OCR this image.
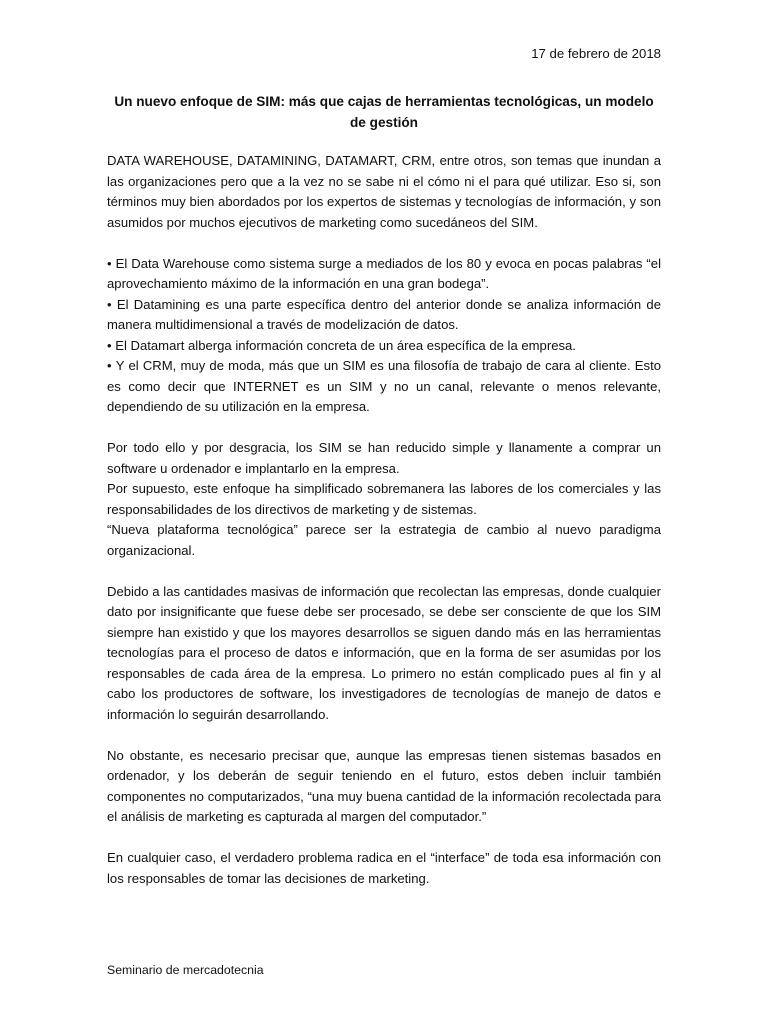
17 de febrero de 2018
Un nuevo enfoque de SIM: más que cajas de herramientas tecnológicas, un modelo de gestión

DATA WAREHOUSE, DATAMINING, DATAMART, CRM, entre otros, son temas que inundan a las organizaciones pero que a la vez no se sabe ni el cómo ni el para qué utilizar. Eso si, son términos muy bien abordados por los expertos de sistemas y tecnologías de información, y son asumidos por muchos ejecutivos de marketing como sucedáneos del SIM.

• El Data Warehouse como sistema surge a mediados de los 80 y evoca en pocas palabras “el aprovechamiento máximo de la información en una gran bodega”.

• El Datamining es una parte específica dentro del anterior donde se analiza información de manera multidimensional a través de modelización de datos.

• El Datamart alberga información concreta de un área específica de la empresa.

• Y el CRM, muy de moda, más que un SIM es una filosofía de trabajo de cara al cliente. Esto es como decir que INTERNET es un SIM y no un canal, relevante o menos relevante, dependiendo de su utilización en la empresa.

Por todo ello y por desgracia, los SIM se han reducido simple y llanamente a comprar un software u ordenador e implantarlo en la empresa.

Por supuesto, este enfoque ha simplificado sobremanera las labores de los comerciales y las responsabilidades de los directivos de marketing y de sistemas.

“Nueva plataforma tecnológica” parece ser la estrategia de cambio al nuevo paradigma organizacional.

Debido a las cantidades masivas de información que recolectan las empresas, donde cualquier dato por insignificante que fuese debe ser procesado, se debe ser consciente de que los SIM siempre han existido y que los mayores desarrollos se siguen dando más en las herramientas tecnologías para el proceso de datos e información, que en la forma de ser asumidas por los responsables de cada área de la empresa. Lo primero no están complicado pues al fin y al cabo los productores de software, los investigadores de tecnologías de manejo de datos e información lo seguirán desarrollando.

No obstante, es necesario precisar que, aunque las empresas tienen sistemas basados en ordenador, y los deberán de seguir teniendo en el futuro, estos deben incluir también componentes no computarizados, “una muy buena cantidad de la información recolectada para el análisis de marketing es capturada al margen del computador.”

En cualquier caso, el verdadero problema radica en el “interface” de toda esa información con los responsables de tomar las decisiones de marketing.

Seminario de mercadotecnia
